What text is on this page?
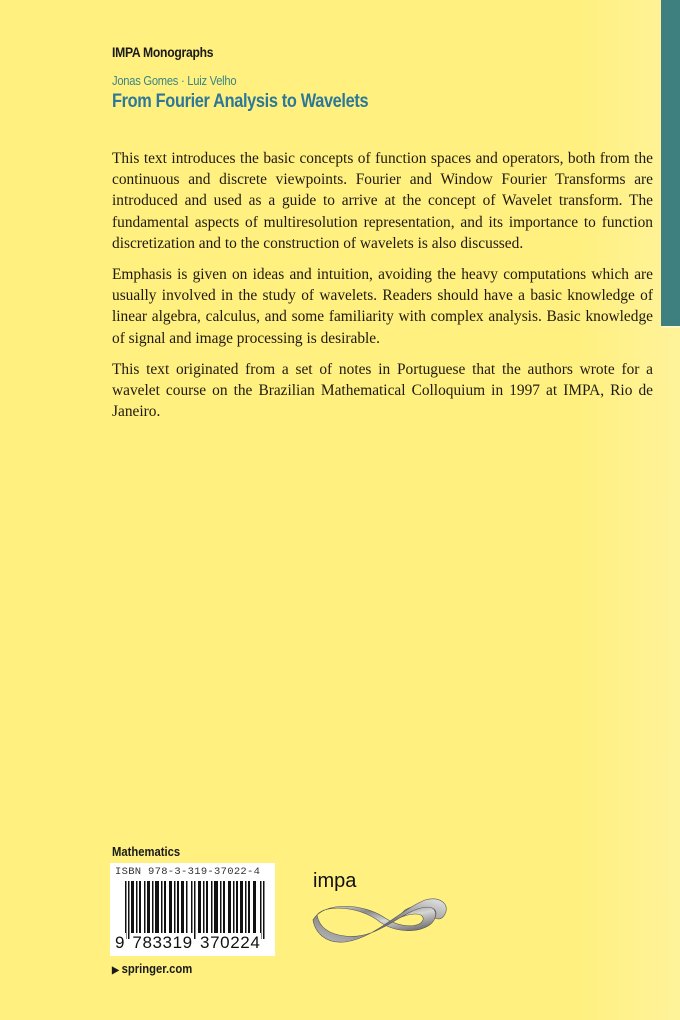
IMPA Monographs
Jonas Gomes · Luiz Velho
From Fourier Analysis to Wavelets

This text introduces the basic concepts of function spaces and operators, both from the continuous and discrete viewpoints. Fourier and Window Fourier Transforms are introduced and used as a guide to arrive at the concept of Wavelet transform. The fundamental aspects of multiresolution representation, and its importance to function discretization and to the construction of wavelets is also discussed.

Emphasis is given on ideas and intuition, avoiding the heavy computations which are usually involved in the study of wavelets. Readers should have a basic knowledge of linear algebra, calculus, and some familiarity with complex analysis. Basic knowledge of signal and image processing is desirable.

This text originated from a set of notes in Portuguese that the authors wrote for a wavelet course on the Brazilian Mathematical Colloquium in 1997 at IMPA, Rio de Janeiro.

Mathematics
ISBN 978-3-319-37022-4
9 783319 370224
▶ springer.com
impa
